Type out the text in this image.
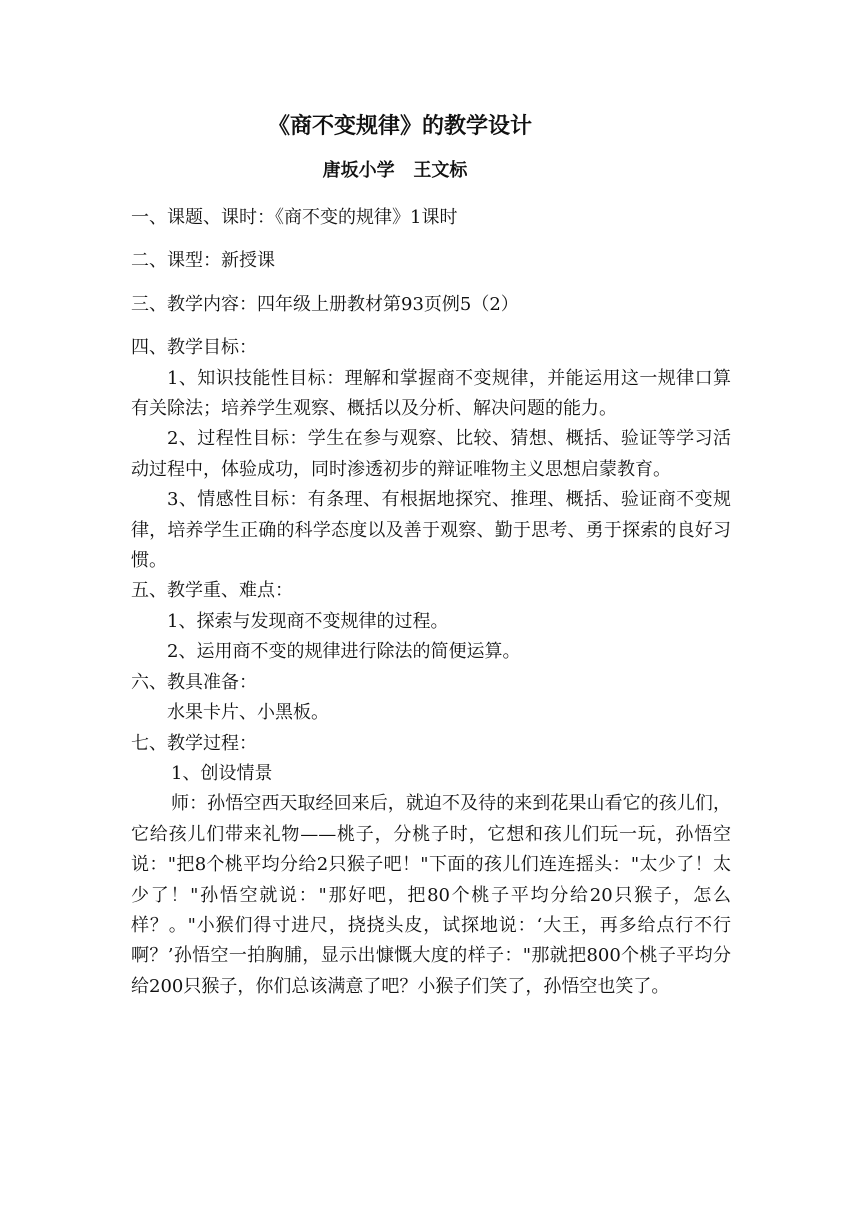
《商不变规律》的教学设计
唐坂小学   王文标

一、课题、课时：《商不变的规律》1课时

二、课型：新授课

三、教学内容：四年级上册教材第93页例5（2）

四、教学目标：

1、知识技能性目标：理解和掌握商不变规律，并能运用这一规律口算有关除法；培养学生观察、概括以及分析、解决问题的能力。

2、过程性目标：学生在参与观察、比较、猜想、概括、验证等学习活动过程中，体验成功，同时渗透初步的辩证唯物主义思想启蒙教育。

3、情感性目标：有条理、有根据地探究、推理、概括、验证商不变规律，培养学生正确的科学态度以及善于观察、勤于思考、勇于探索的良好习惯。

五、教学重、难点：

1、探索与发现商不变规律的过程。

2、运用商不变的规律进行除法的简便运算。

六、教具准备：

水果卡片、小黑板。

七、教学过程：

1、创设情景

师：孙悟空西天取经回来后，就迫不及待的来到花果山看它的孩儿们，它给孩儿们带来礼物——桃子，分桃子时，它想和孩儿们玩一玩，孙悟空说："把8个桃平均分给2只猴子吧！"下面的孩儿们连连摇头："太少了！太少了！"孙悟空就说："那好吧，把80个桃子平均分给20只猴子，怎么样？。"小猴们得寸进尺，挠挠头皮，试探地说：‘大王，再多给点行不行啊？’孙悟空一拍胸脯，显示出慷慨大度的样子："那就把800个桃子平均分给200只猴子，你们总该满意了吧？小猴子们笑了，孙悟空也笑了。
